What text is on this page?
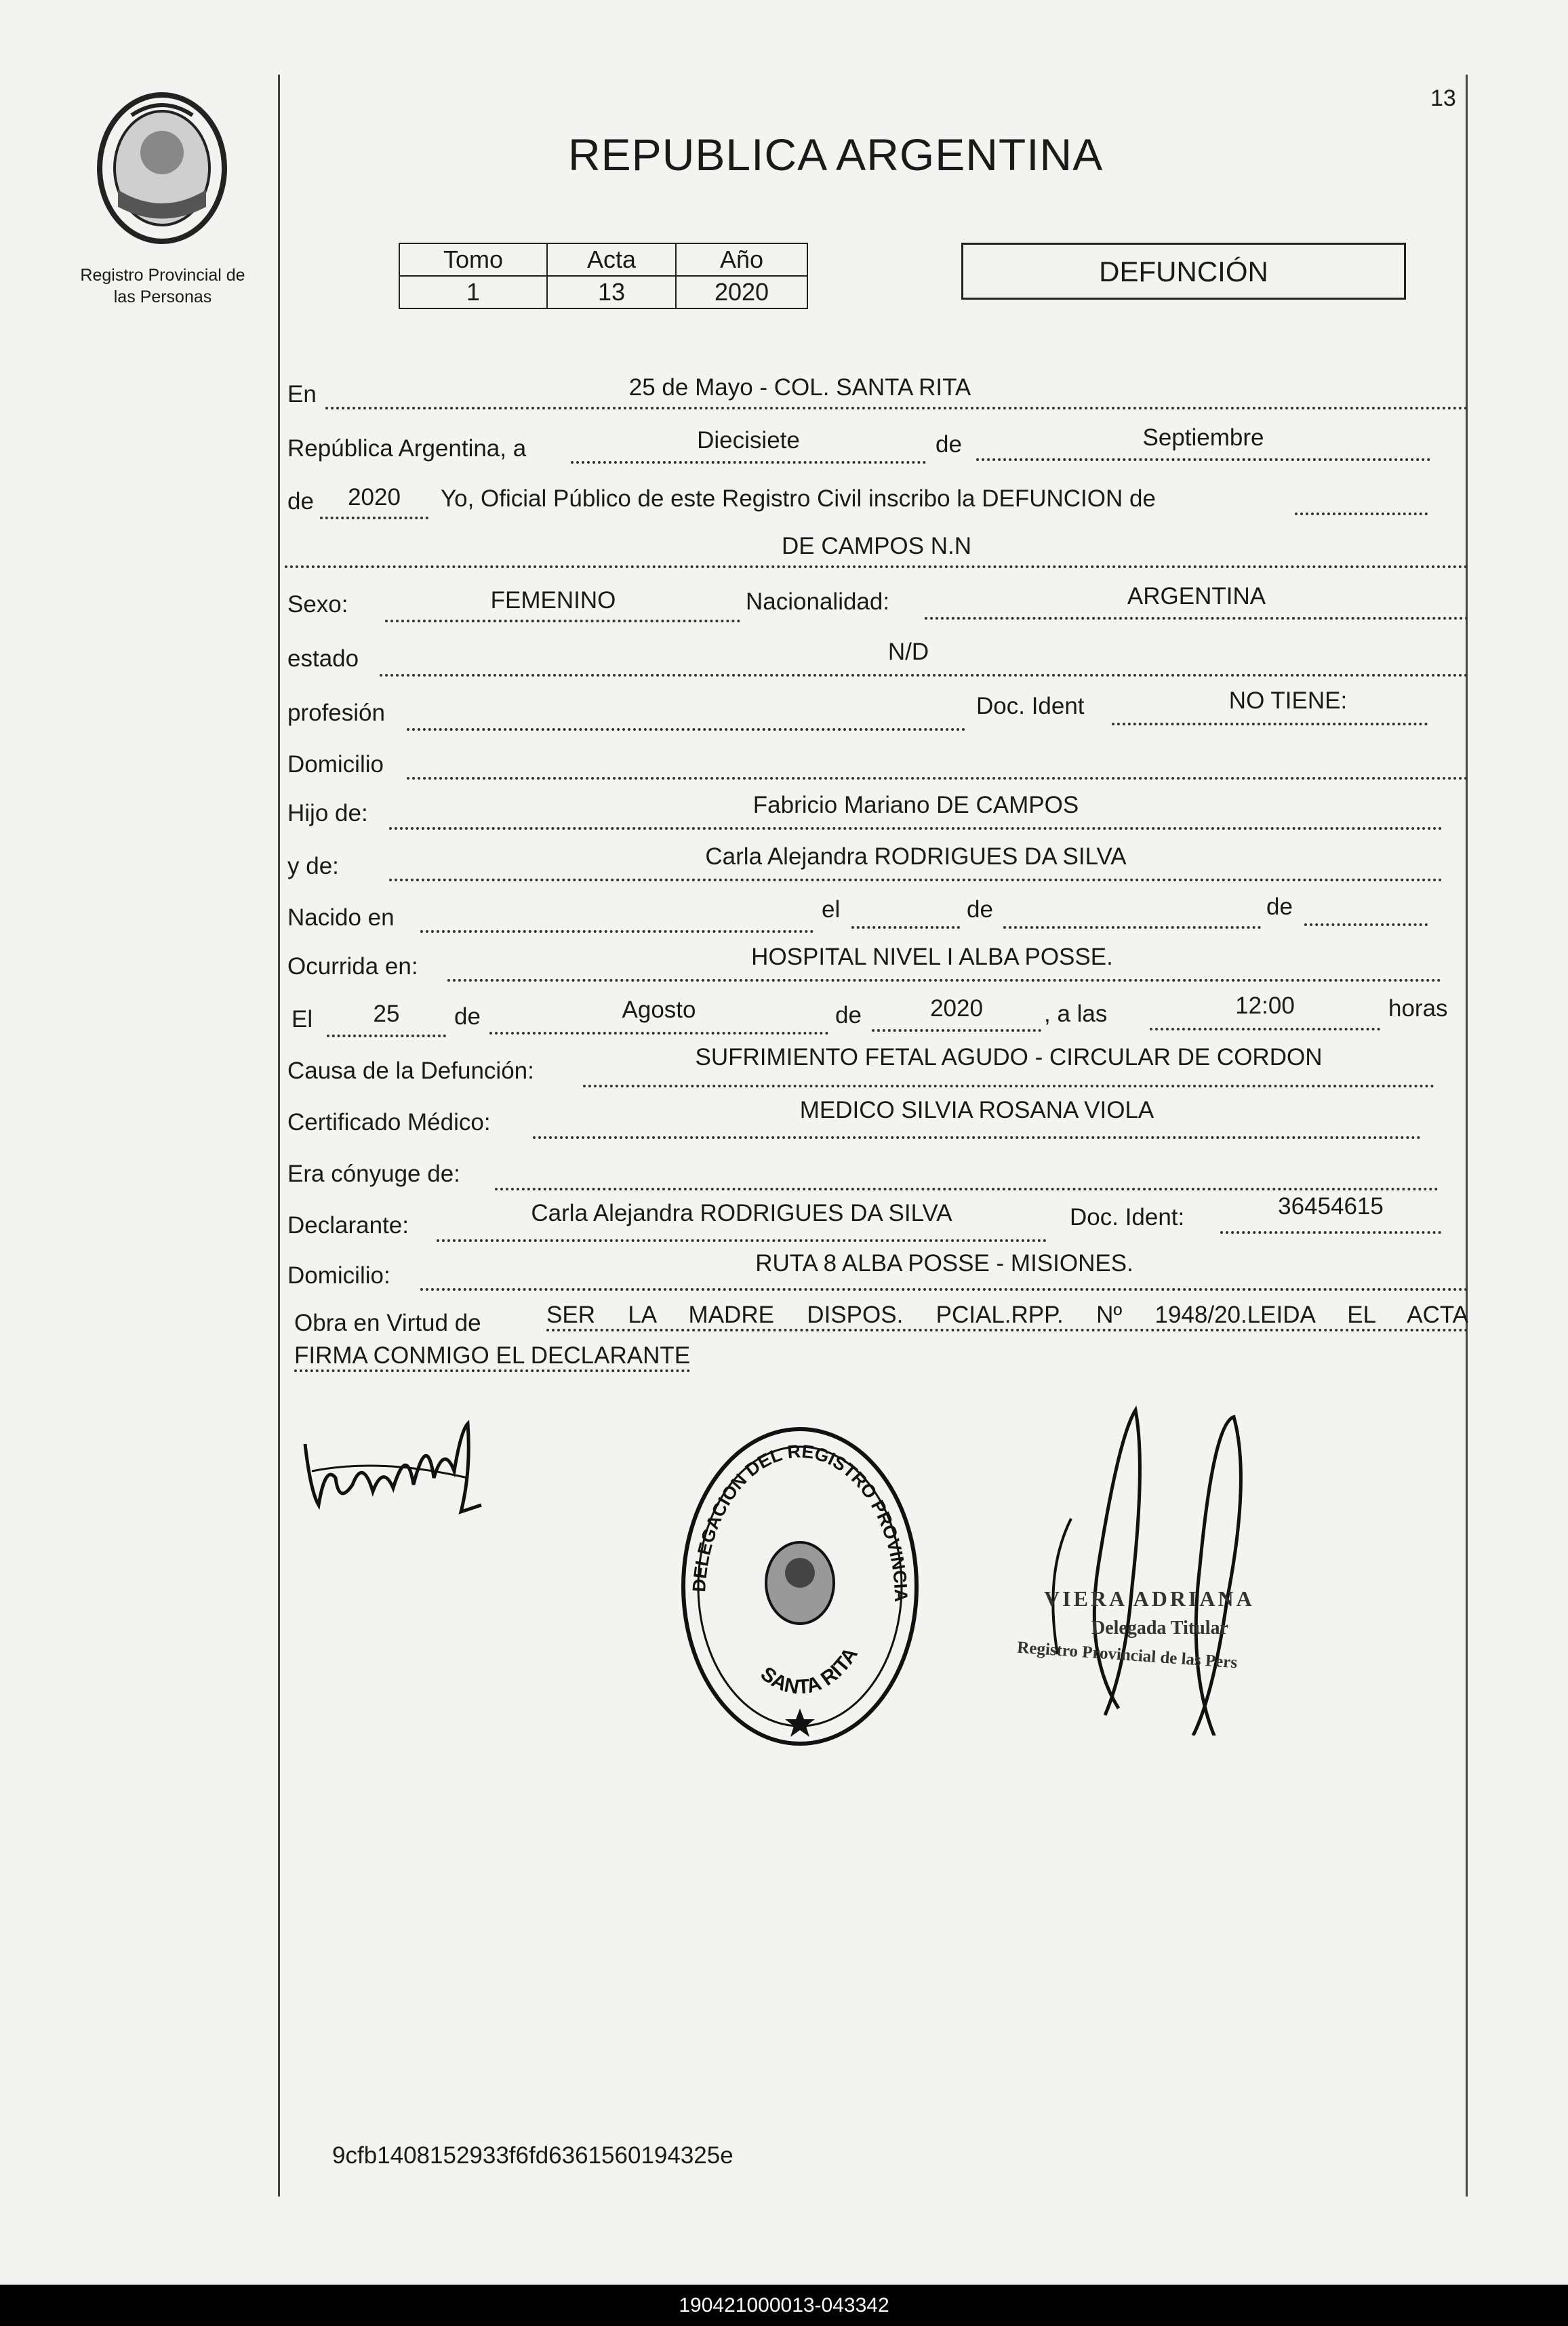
13
Registro Provincial de
las Personas
REPUBLICA ARGENTINA
Tomo	Acta	Año
1	13	2020
DEFUNCIÓN
En	25 de Mayo - COL. SANTA RITA
República Argentina, a	Diecisiete	de	Septiembre
de	2020	Yo, Oficial Público de este Registro Civil inscribo la DEFUNCION de
DE CAMPOS N.N
Sexo:	FEMENINO	Nacionalidad:	ARGENTINA
estado	N/D
profesión	Doc. Ident	NO TIENE:
Domicilio
Hijo de:	Fabricio Mariano DE CAMPOS
y de:	Carla Alejandra RODRIGUES DA SILVA
Nacido en	el	de	de
Ocurrida en:	HOSPITAL NIVEL I ALBA POSSE.
El	25	de	Agosto	de	2020	, a las	12:00	horas
Causa de la Defunción:
SUFRIMIENTO FETAL AGUDO - CIRCULAR DE CORDON
Certificado Médico:	MEDICO SILVIA ROSANA VIOLA
Era cónyuge de:
Declarante:	Carla Alejandra RODRIGUES DA SILVA	Doc. Ident:	36454615
Domicilio:	RUTA 8 ALBA POSSE - MISIONES.
Obra en Virtud de	SER LA MADRE DISPOS. PCIAL.RPP. Nº 1948/20.LEIDA EL ACTA
FIRMA CONMIGO EL DECLARANTE
DELEGACION DEL REGISTRO PROVINCIA
SANTA RITA
VIERA ADRIANA
Delegada Titular
Registro Provincial de las Pers
9cfb1408152933f6fd6361560194325e
190421000013-043342
